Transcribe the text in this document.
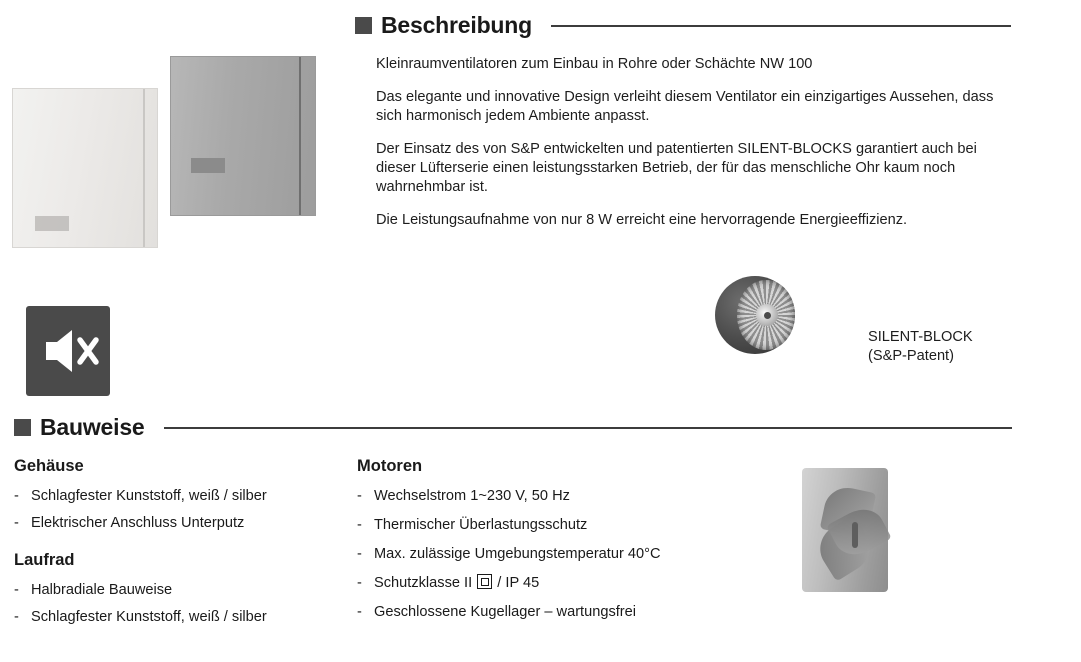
Beschreibung

Kleinraumventilatoren zum Einbau in Rohre oder Schächte NW 100

Das elegante und innovative Design verleiht diesem Ventilator ein einzigartiges Aussehen, dass sich harmonisch jedem Ambiente anpasst.

Der Einsatz des von S&P entwickelten und patentierten SILENT-BLOCKS garantiert auch bei dieser Lüfterserie einen leistungsstarken Betrieb, der für das menschliche Ohr kaum noch wahrnehmbar ist.

Die Leistungsaufnahme von nur 8 W erreicht eine hervorragende Energieeffizienz.

SILENT-BLOCK
(S&P-Patent)
Bauweise
Gehäuse
- Schlagfester Kunststoff, weiß / silber
- Elektrischer Anschluss Unterputz
Laufrad
- Halbradiale Bauweise
- Schlagfester Kunststoff, weiß / silber
Motoren
- Wechselstrom 1~230 V, 50 Hz
- Thermischer Überlastungsschutz
- Max. zulässige Umgebungstemperatur 40°C
- Schutzklasse II / IP 45
- Geschlossene Kugellager – wartungsfrei
